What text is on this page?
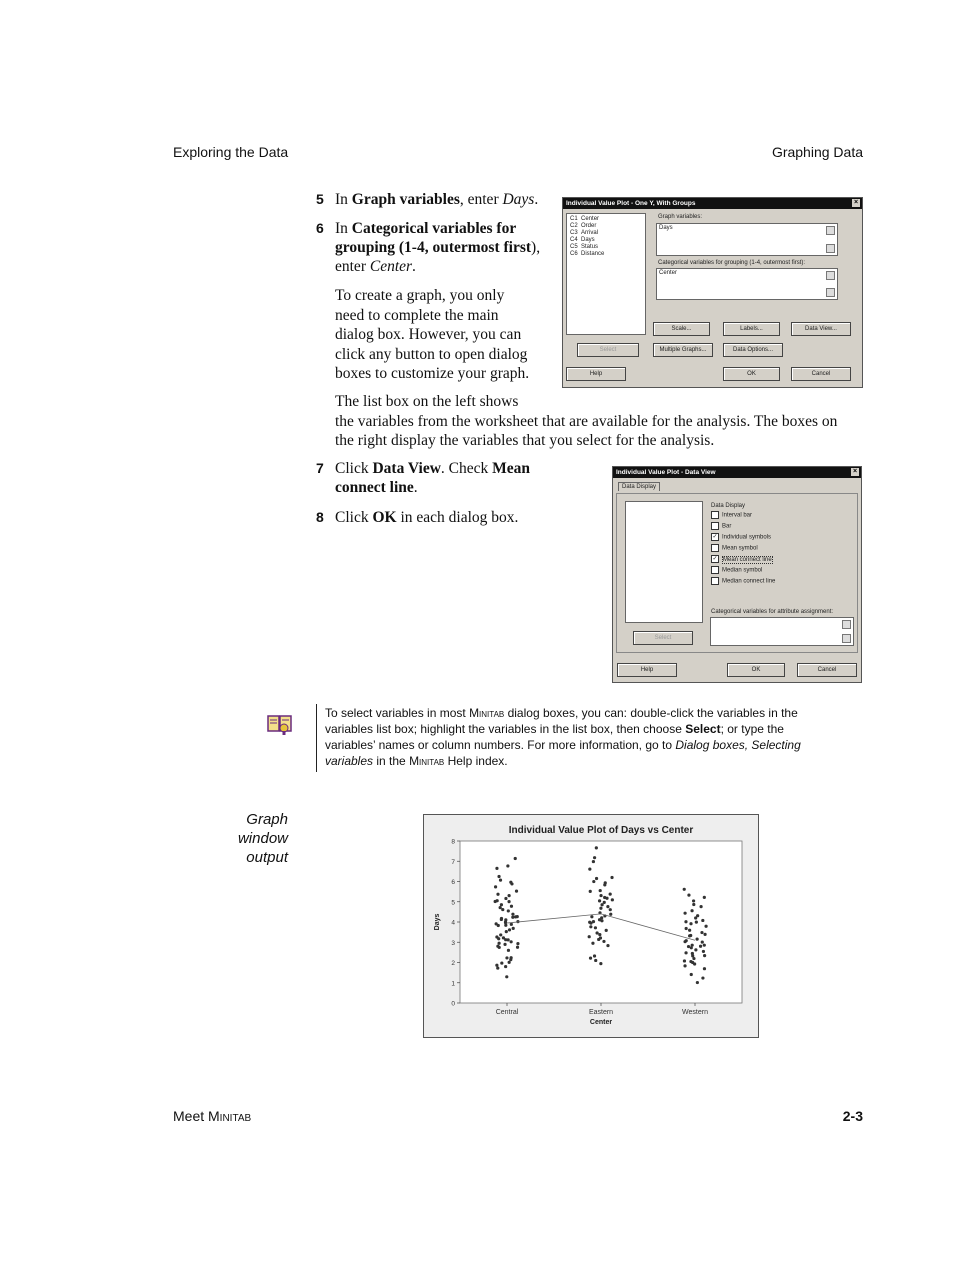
Exploring the Data	Graphing Data
5 In Graph variables, enter Days.
6 In Categorical variables for
grouping (1-4, outermost first),
enter Center.
To create a graph, you only
need to complete the main
dialog box. However, you can
click any button to open dialog
boxes to customize your graph.
The list box on the left shows
the variables from the worksheet that are available for the analysis. The boxes on
the right display the variables that you select for the analysis.
Individual Value Plot - One Y, With Groups	×
C1 Center
C2 Order
C3 Arrival
C4 Days
C5 Status
C6 Distance
Graph variables:
Days
Categorical variables for grouping (1-4, outermost first):
Center
Scale...	Labels...	Data View...
Select	Multiple Graphs...	Data Options...
Help	OK	Cancel
7 Click Data View. Check Mean
connect line.
8 Click OK in each dialog box.
Individual Value Plot - Data View	×
Data Display
Data Display
Interval bar
Bar
✓ Individual symbols
Mean symbol
✓ Mean connect line
Median symbol
Median connect line
Categorical variables for attribute assignment:
Select
Help	OK	Cancel
To select variables in most Minitab dialog boxes, you can: double-click the variables in the
variables list box; highlight the variables in the list box, then choose Select; or type the
variables’ names or column numbers. For more information, go to Dialog boxes, Selecting
variables in the Minitab Help index.
Graph
window
output
Individual Value Plot of Days vs Center
0
1
2
3
4
5
6
7
8
Days
Central	Eastern	Western
Center
Meet Minitab	2-3
